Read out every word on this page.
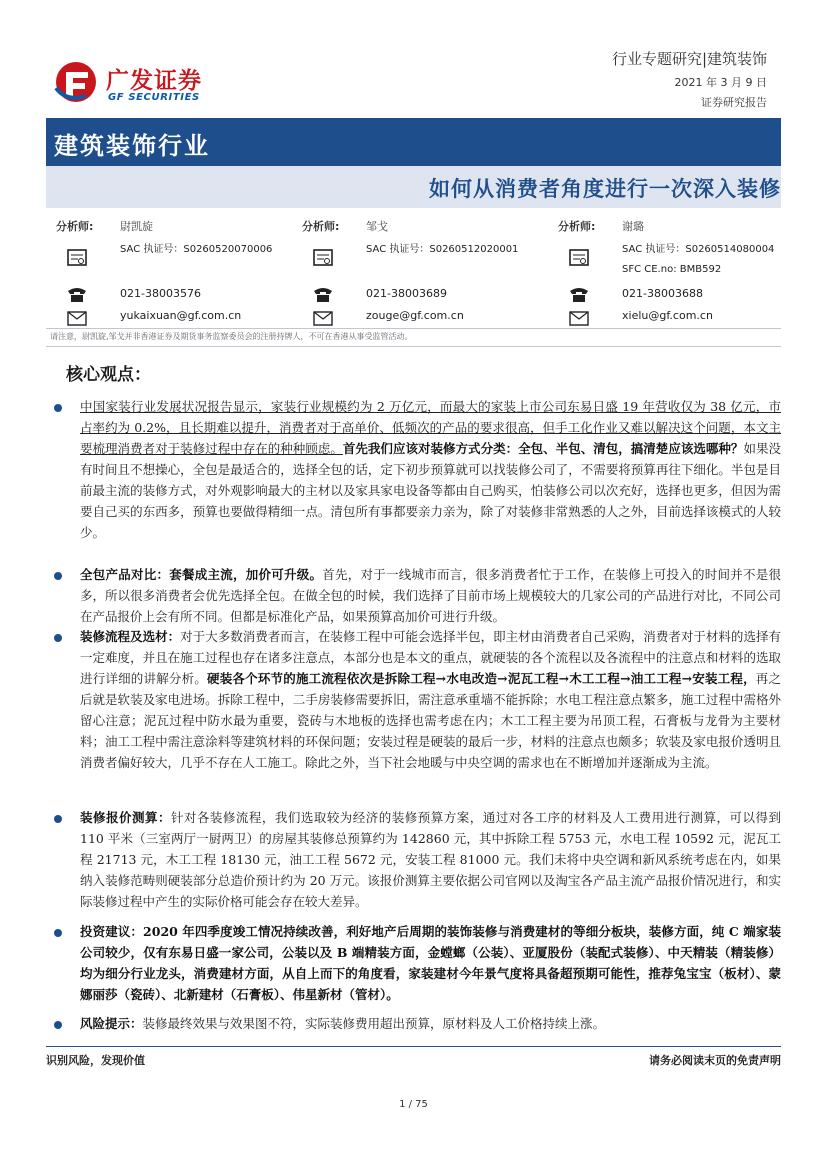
广发证券
GF SECURITIES
行业专题研究|建筑装饰
2021 年 3 月 9 日
证券研究报告
建筑装饰行业
如何从消费者角度进行一次深入装修
分析师: 尉凯旋
SAC 执证号：S0260520070006
021-38003576
yukaixuan@gf.com.cn
分析师: 邹戈
SAC 执证号：S0260512020001
021-38003689
zouge@gf.com.cn
分析师: 谢璐
SAC 执证号：S0260514080004
SFC CE.no: BMB592
021-38003688
xielu@gf.com.cn
请注意，尉凯旋,邹戈并非香港证券及期货事务监察委员会的注册持牌人，不可在香港从事受监管活动。
核心观点：
中国家装行业发展状况报告显示，家装行业规模约为 2 万亿元，而最大的家装上市公司东易日盛 19 年营收仅为 38 亿元，市占率约为 0.2%，且长期难以提升，消费者对于高单价、低频次的产品的要求很高，但手工化作业又难以解决这个问题，本文主要梳理消费者对于装修过程中存在的种种顾虑。首先我们应该对装修方式分类：全包、半包、清包，搞清楚应该选哪种？如果没有时间且不想操心，全包是最适合的，选择全包的话，定下初步预算就可以找装修公司了，不需要将预算再往下细化。半包是目前最主流的装修方式，对外观影响最大的主材以及家具家电设备等都由自己购买，怕装修公司以次充好，选择也更多，但因为需要自己买的东西多，预算也要做得精细一点。清包所有事都要亲力亲为，除了对装修非常熟悉的人之外，目前选择该模式的人较少。
全包产品对比：套餐成主流，加价可升级。首先，对于一线城市而言，很多消费者忙于工作，在装修上可投入的时间并不是很多，所以很多消费者会优先选择全包。在做全包的时候，我们选择了目前市场上规模较大的几家公司的产品进行对比，不同公司在产品报价上会有所不同。但都是标准化产品，如果预算高加价可进行升级。
装修流程及选材：对于大多数消费者而言，在装修工程中可能会选择半包，即主材由消费者自己采购，消费者对于材料的选择有一定难度，并且在施工过程也存在诸多注意点，本部分也是本文的重点，就硬装的各个流程以及各流程中的注意点和材料的选取进行详细的讲解分析。硬装各个环节的施工流程依次是拆除工程→水电改造→泥瓦工程→木工工程→油工工程→安装工程，再之后就是软装及家电进场。拆除工程中，二手房装修需要拆旧，需注意承重墙不能拆除；水电工程注意点繁多，施工过程中需格外留心注意；泥瓦过程中防水最为重要，瓷砖与木地板的选择也需考虑在内；木工工程主要为吊顶工程，石膏板与龙骨为主要材料；油工工程中需注意涂料等建筑材料的环保问题；安装过程是硬装的最后一步，材料的注意点也颇多；软装及家电报价透明且消费者偏好较大，几乎不存在人工施工。除此之外，当下社会地暖与中央空调的需求也在不断增加并逐渐成为主流。
装修报价测算：针对各装修流程，我们选取较为经济的装修预算方案，通过对各工序的材料及人工费用进行测算，可以得到 110 平米（三室两厅一厨两卫）的房屋其装修总预算约为 142860 元，其中拆除工程 5753 元，水电工程 10592 元，泥瓦工程 21713 元，木工工程 18130 元，油工工程 5672 元，安装工程 81000 元。我们未将中央空调和新风系统考虑在内，如果纳入装修范畴则硬装部分总造价预计约为 20 万元。该报价测算主要依据公司官网以及淘宝各产品主流产品报价情况进行，和实际装修过程中产生的实际价格可能会存在较大差异。
投资建议：2020 年四季度竣工情况持续改善，利好地产后周期的装饰装修与消费建材的等细分板块，装修方面，纯 C 端家装公司较少，仅有东易日盛一家公司，公装以及 B 端精装方面，金螳螂（公装）、亚厦股份（装配式装修）、中天精装（精装修）均为细分行业龙头，消费建材方面，从自上而下的角度看，家装建材今年景气度将具备超预期可能性，推荐兔宝宝（板材）、蒙娜丽莎（瓷砖）、北新建材（石膏板）、伟星新材（管材）。
风险提示：装修最终效果与效果图不符，实际装修费用超出预算，原材料及人工价格持续上涨。
识别风险，发现价值	请务必阅读末页的免责声明
1 / 75
